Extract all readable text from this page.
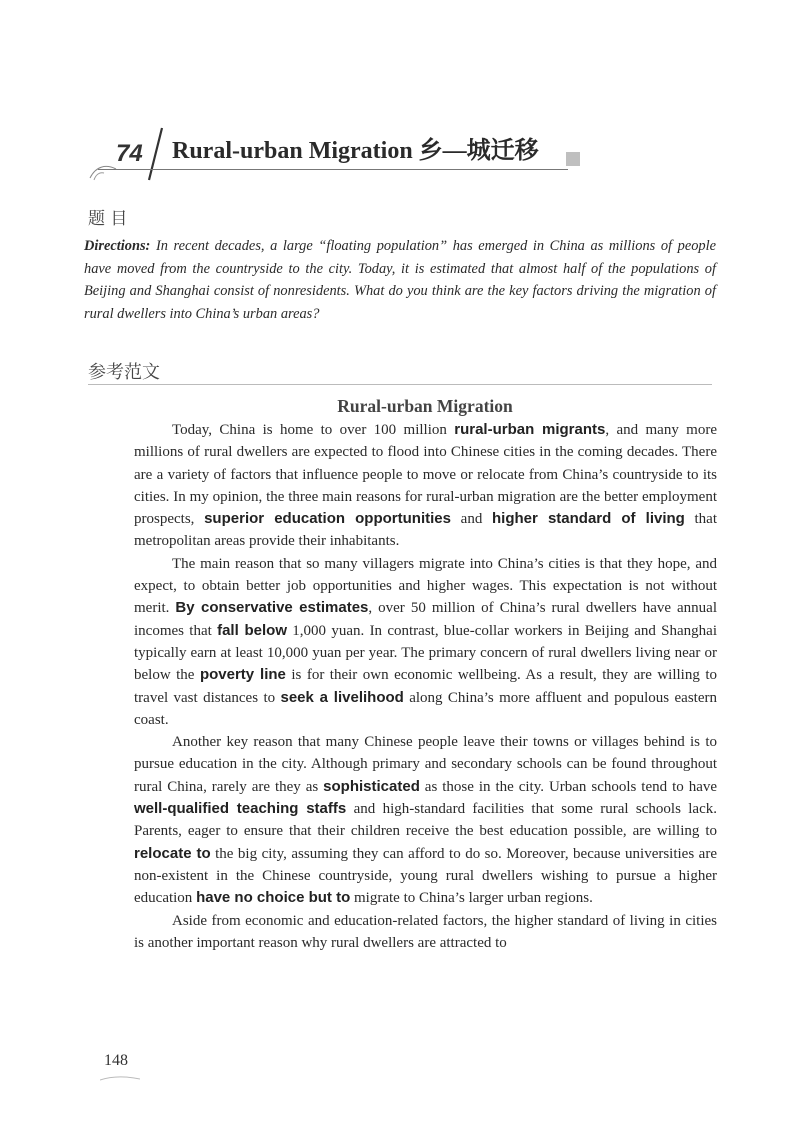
74 Rural-urban Migration 乡—城迁移
题 目
Directions: In recent decades, a large “floating population” has emerged in China as millions of people have moved from the countryside to the city. Today, it is estimated that almost half of the populations of Beijing and Shanghai consist of nonresidents. What do you think are the key factors driving the migration of rural dwellers into China’s urban areas?
参考范文
Rural-urban Migration

Today, China is home to over 100 million rural-urban migrants, and many more millions of rural dwellers are expected to flood into Chinese cities in the coming decades. There are a variety of factors that influence people to move or relocate from China’s countryside to its cities. In my opinion, the three main reasons for rural-urban migration are the better employment prospects, superior education opportunities and higher standard of living that metropolitan areas provide their inhabitants.

The main reason that so many villagers migrate into China’s cities is that they hope, and expect, to obtain better job opportunities and higher wages. This expectation is not without merit. By conservative estimates, over 50 million of China’s rural dwellers have annual incomes that fall below 1,000 yuan. In contrast, blue-collar workers in Beijing and Shanghai typically earn at least 10,000 yuan per year. The primary concern of rural dwellers living near or below the poverty line is for their own economic wellbeing. As a result, they are willing to travel vast distances to seek a livelihood along China’s more affluent and populous eastern coast.

Another key reason that many Chinese people leave their towns or villages behind is to pursue education in the city. Although primary and secondary schools can be found throughout rural China, rarely are they as sophisticated as those in the city. Urban schools tend to have well-qualified teaching staffs and high-standard facilities that some rural schools lack. Parents, eager to ensure that their children receive the best education possible, are willing to relocate to the big city, assuming they can afford to do so. Moreover, because universities are non-existent in the Chinese countryside, young rural dwellers wishing to pursue a higher education have no choice but to migrate to China’s larger urban regions.

Aside from economic and education-related factors, the higher standard of living in cities is another important reason why rural dwellers are attracted to

148
